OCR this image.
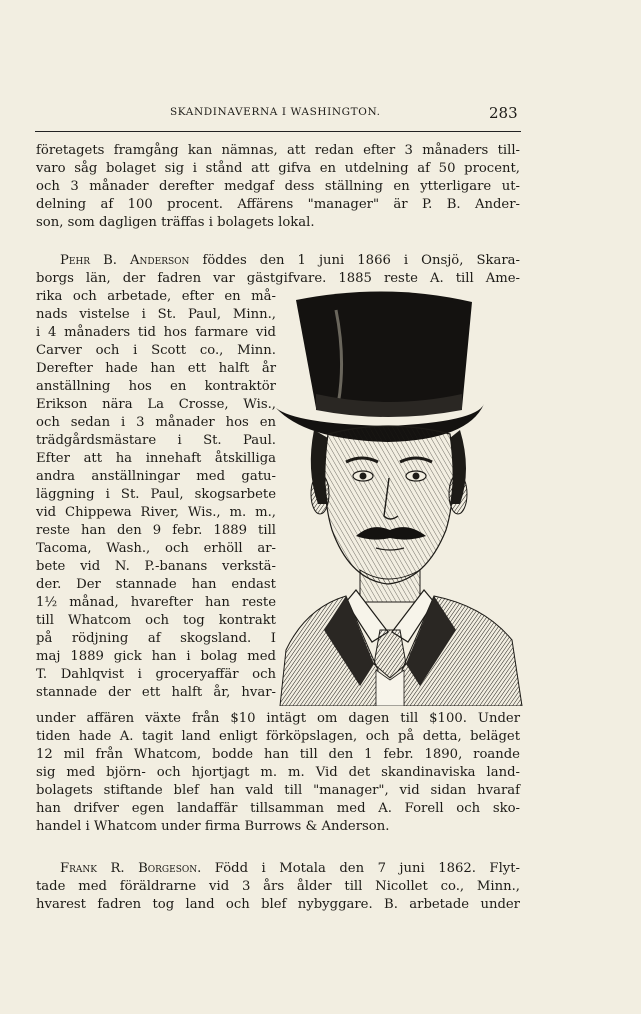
SKANDINAVERNA I WASHINGTON.	283
företagets framgång kan nämnas, att redan efter 3 månaders till-
varo såg bolaget sig i stånd att gifva en utdelning af 50 procent,
och 3 månader derefter medgaf dess ställning en ytterligare ut-
delning af 100 procent. Affärens "manager" är P. B. Ander-
son, som dagligen träffas i bolagets lokal.
Pehr B. Anderson föddes den 1 juni 1866 i Onsjö, Skara-
borgs län, der fadren var gästgifvare. 1885 reste A. till Ame-
rika och arbetade, efter en må-
nads vistelse i St. Paul, Minn.,
i 4 månaders tid hos farmare vid
Carver och i Scott co., Minn.
Derefter hade han ett halft år
anställning hos en kontraktör
Erikson nära La Crosse, Wis.,
och sedan i 3 månader hos en
trädgårdsmästare i St. Paul.
Efter att ha innehaft åtskilliga
andra anställningar med gatu-
läggning i St. Paul, skogsarbete
vid Chippewa River, Wis., m. m.,
reste han den 9 febr. 1889 till
Tacoma, Wash., och erhöll ar-
bete vid N. P.-banans verkstä-
der. Der stannade han endast
1½ månad, hvarefter han reste
till Whatcom och tog kontrakt
på rödjning af skogsland. I
maj 1889 gick han i bolag med
T. Dahlqvist i groceryaffär och
stannade der ett halft år, hvar-
under affären växte från $10 intägt om dagen till $100. Under
tiden hade A. tagit land enligt förköpslagen, och på detta, beläget
12 mil från Whatcom, bodde han till den 1 febr. 1890, roande
sig med björn- och hjortjagt m. m. Vid det skandinaviska land-
bolagets stiftande blef han vald till "manager", vid sidan hvaraf
han drifver egen landaffär tillsamman med A. Forell och sko-
handel i Whatcom under firma Burrows & Anderson.
Frank R. Borgeson. Född i Motala den 7 juni 1862. Flyt-
tade med föräldrarne vid 3 års ålder till Nicollet co., Minn.,
hvarest fadren tog land och blef nybyggare. B. arbetade under
